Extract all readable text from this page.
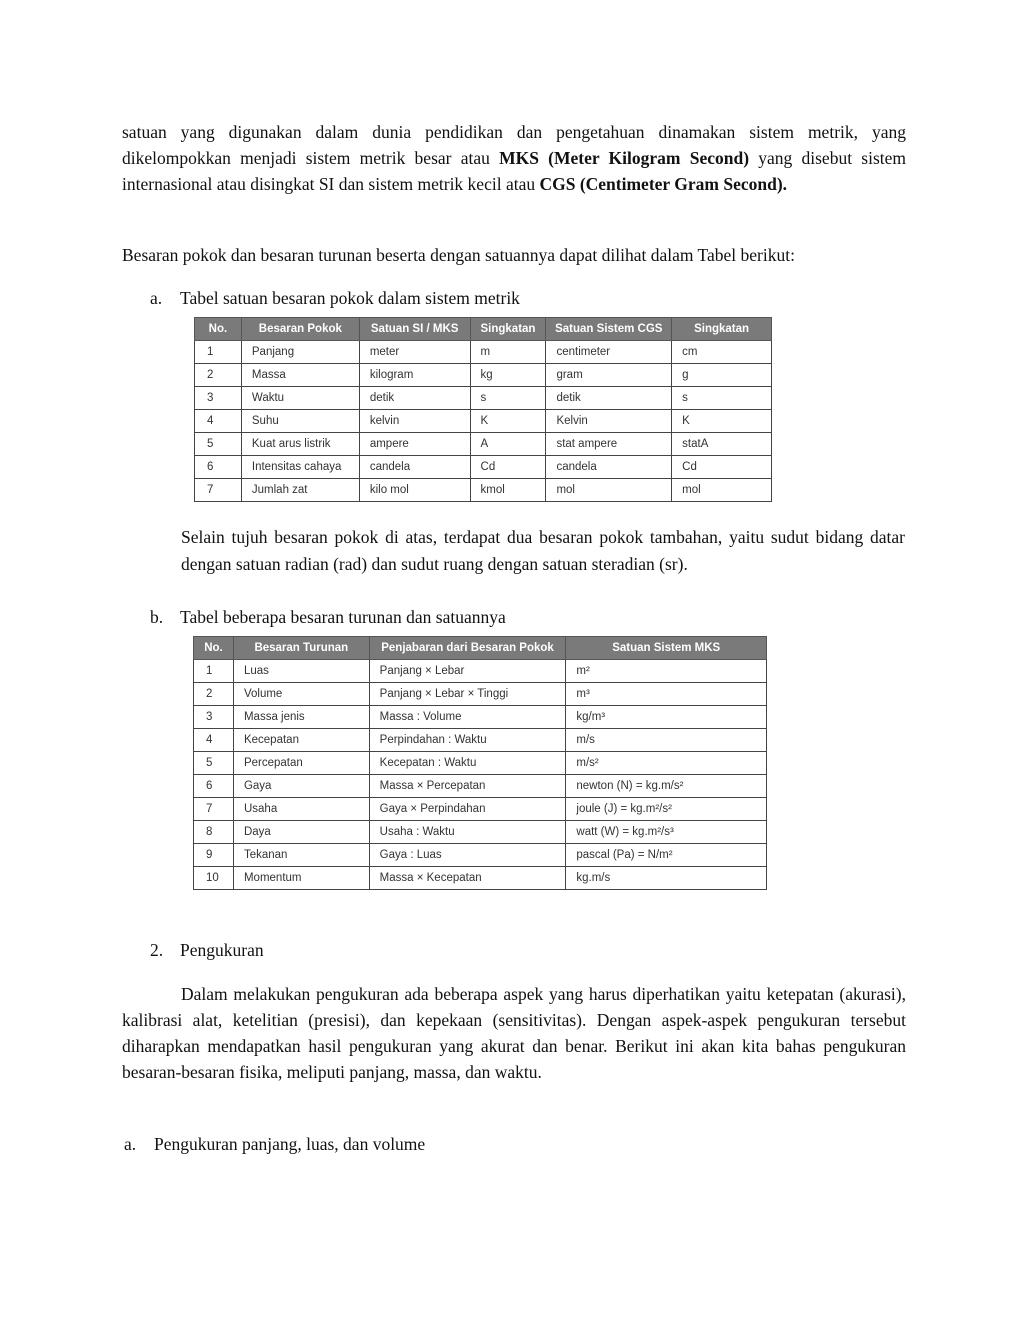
satuan yang digunakan dalam dunia pendidikan dan pengetahuan dinamakan sistem metrik, yang dikelompokkan menjadi sistem metrik besar atau MKS (Meter Kilogram Second) yang disebut sistem internasional atau disingkat SI dan sistem metrik kecil atau CGS (Centimeter Gram Second).

Besaran pokok dan besaran turunan beserta dengan satuannya dapat dilihat dalam Tabel berikut:

a. Tabel satuan besaran pokok dalam sistem metrik
No.	Besaran Pokok	Satuan SI / MKS	Singkatan	Satuan Sistem CGS	Singkatan
1	Panjang	meter	m	centimeter	cm
2	Massa	kilogram	kg	gram	g
3	Waktu	detik	s	detik	s
4	Suhu	kelvin	K	Kelvin	K
5	Kuat arus listrik	ampere	A	stat ampere	statA
6	Intensitas cahaya	candela	Cd	candela	Cd
7	Jumlah zat	kilo mol	kmol	mol	mol

Selain tujuh besaran pokok di atas, terdapat dua besaran pokok tambahan, yaitu sudut bidang datar dengan satuan radian (rad) dan sudut ruang dengan satuan steradian (sr).

b. Tabel beberapa besaran turunan dan satuannya
No.	Besaran Turunan	Penjabaran dari Besaran Pokok	Satuan Sistem MKS
1	Luas	Panjang × Lebar	m²
2	Volume	Panjang × Lebar × Tinggi	m³
3	Massa jenis	Massa : Volume	kg/m³
4	Kecepatan	Perpindahan : Waktu	m/s
5	Percepatan	Kecepatan : Waktu	m/s²
6	Gaya	Massa × Percepatan	newton (N) = kg.m/s²
7	Usaha	Gaya × Perpindahan	joule (J) = kg.m²/s²
8	Daya	Usaha : Waktu	watt (W) = kg.m²/s³
9	Tekanan	Gaya : Luas	pascal (Pa) = N/m²
10	Momentum	Massa × Kecepatan	kg.m/s
2. Pengukuran

Dalam melakukan pengukuran ada beberapa aspek yang harus diperhatikan yaitu ketepatan (akurasi), kalibrasi alat, ketelitian (presisi), dan kepekaan (sensitivitas). Dengan aspek-aspek pengukuran tersebut diharapkan mendapatkan hasil pengukuran yang akurat dan benar. Berikut ini akan kita bahas pengukuran besaran-besaran fisika, meliputi panjang, massa, dan waktu.

a. Pengukuran panjang, luas, dan volume
